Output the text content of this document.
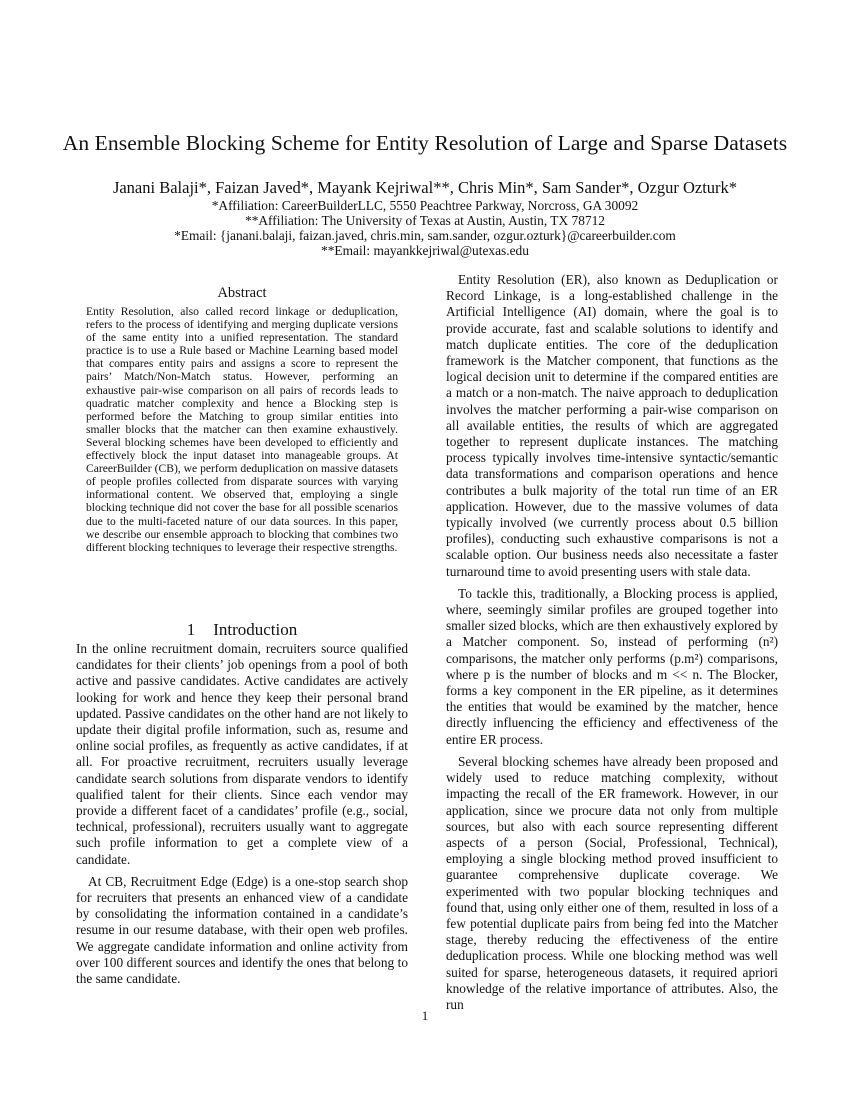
An Ensemble Blocking Scheme for Entity Resolution of Large and Sparse Datasets
Janani Balaji*, Faizan Javed*, Mayank Kejriwal**, Chris Min*, Sam Sander*, Ozgur Ozturk*
*Affiliation: CareerBuilderLLC, 5550 Peachtree Parkway, Norcross, GA 30092
**Affiliation: The University of Texas at Austin, Austin, TX 78712
*Email: {janani.balaji, faizan.javed, chris.min, sam.sander, ozgur.ozturk}@careerbuilder.com
**Email: mayankkejriwal@utexas.edu
Abstract
Entity Resolution, also called record linkage or deduplication, refers to the process of identifying and merging duplicate versions of the same entity into a unified representation. The standard practice is to use a Rule based or Machine Learning based model that compares entity pairs and assigns a score to represent the pairs’ Match/Non-Match status. However, performing an exhaustive pair-wise comparison on all pairs of records leads to quadratic matcher complexity and hence a Blocking step is performed before the Matching to group similar entities into smaller blocks that the matcher can then examine exhaustively. Several blocking schemes have been developed to efficiently and effectively block the input dataset into manageable groups. At CareerBuilder (CB), we perform deduplication on massive datasets of people profiles collected from disparate sources with varying informational content. We observed that, employing a single blocking technique did not cover the base for all possible scenarios due to the multi-faceted nature of our data sources. In this paper, we describe our ensemble approach to blocking that combines two different blocking techniques to leverage their respective strengths.
1 Introduction

In the online recruitment domain, recruiters source qualified candidates for their clients’ job openings from a pool of both active and passive candidates. Active candidates are actively looking for work and hence they keep their personal brand updated. Passive candidates on the other hand are not likely to update their digital profile information, such as, resume and online social profiles, as frequently as active candidates, if at all. For proactive recruitment, recruiters usually leverage candidate search solutions from disparate vendors to identify qualified talent for their clients. Since each vendor may provide a different facet of a candidates’ profile (e.g., social, technical, professional), recruiters usually want to aggregate such profile information to get a complete view of a candidate.

At CB, Recruitment Edge (Edge) is a one-stop search shop for recruiters that presents an enhanced view of a candidate by consolidating the information contained in a candidate’s resume in our resume database, with their open web profiles. We aggregate candidate information and online activity from over 100 different sources and identify the ones that belong to the same candidate.

Entity Resolution (ER), also known as Deduplication or Record Linkage, is a long-established challenge in the Artificial Intelligence (AI) domain, where the goal is to provide accurate, fast and scalable solutions to identify and match duplicate entities. The core of the deduplication framework is the Matcher component, that functions as the logical decision unit to determine if the compared entities are a match or a non-match. The naive approach to deduplication involves the matcher performing a pair-wise comparison on all available entities, the results of which are aggregated together to represent duplicate instances. The matching process typically involves time-intensive syntactic/semantic data transformations and comparison operations and hence contributes a bulk majority of the total run time of an ER application. However, due to the massive volumes of data typically involved (we currently process about 0.5 billion profiles), conducting such exhaustive comparisons is not a scalable option. Our business needs also necessitate a faster turnaround time to avoid presenting users with stale data.

To tackle this, traditionally, a Blocking process is applied, where, seemingly similar profiles are grouped together into smaller sized blocks, which are then exhaustively explored by a Matcher component. So, instead of performing (n²) comparisons, the matcher only performs (p.m²) comparisons, where p is the number of blocks and m << n. The Blocker, forms a key component in the ER pipeline, as it determines the entities that would be examined by the matcher, hence directly influencing the efficiency and effectiveness of the entire ER process.

Several blocking schemes have already been proposed and widely used to reduce matching complexity, without impacting the recall of the ER framework. However, in our application, since we procure data not only from multiple sources, but also with each source representing different aspects of a person (Social, Professional, Technical), employing a single blocking method proved insufficient to guarantee comprehensive duplicate coverage. We experimented with two popular blocking techniques and found that, using only either one of them, resulted in loss of a few potential duplicate pairs from being fed into the Matcher stage, thereby reducing the effectiveness of the entire deduplication process. While one blocking method was well suited for sparse, heterogeneous datasets, it required apriori knowledge of the relative importance of attributes. Also, the run

1
